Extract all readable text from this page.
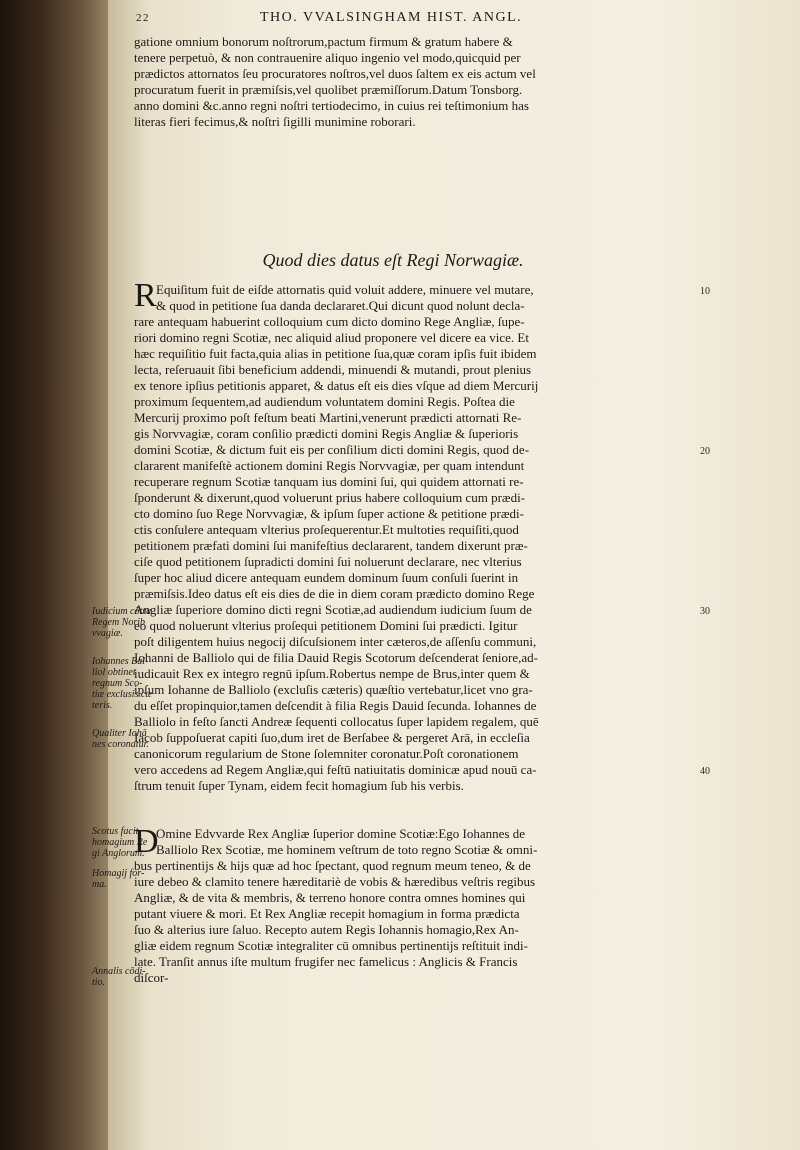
22	THO. VVALSINGHAM HIST. ANGL.
gatione omnium bonorum noſtrorum,pactum firmum & gratum habere &
tenere perpetuò, & non contrauenire aliquo ingenio vel modo,quicquid per
prædictos attornatos ſeu procuratores noſtros,vel duos ſaltem ex eis actum vel
procuratum fuerit in præmiſsis,vel quolibet præmiſſorum.Datum Tonsborg.
anno domini &c.anno regni noſtri tertiodecimo, in cuius rei teſtimonium has
literas fieri fecimus,& noſtri ſigilli munimine roborari.
Quod dies datus eſt Regi Norwagiæ.
R Equiſitum fuit de eiſde attornatis quid voluit addere, minuere vel mutare,
& quod in petitione ſua danda declararet.Qui dicunt quod nolunt decla-
rare antequam habuerint colloquium cum dicto domino Rege Angliæ, ſupe-
riori domino regni Scotiæ, nec aliquid aliud proponere vel dicere ea vice. Et
hæc requiſitio fuit facta,quia alias in petitione ſua,quæ coram ipſis fuit ibidem
lecta, reſeruauit ſibi beneficium addendi, minuendi & mutandi, prout plenius
ex tenore ipſius petitionis apparet, & datus eſt eis dies vſque ad diem Mercurij
proximum ſequentem,ad audiendum voluntatem domini Regis. Poſtea die
Mercurij proximo poſt feſtum beati Martini,venerunt prædicti attornati Re-
gis Norvvagiæ, coram conſilio prædicti domini Regis Angliæ & ſuperioris
domini Scotiæ, & dictum fuit eis per conſilium dicti domini Regis, quod de-
clararent manifeſtè actionem domini Regis Norvvagiæ, per quam intendunt
recuperare regnum Scotiæ tanquam ius domini ſui, qui quidem attornati re-
ſponderunt & dixerunt,quod voluerunt prius habere colloquium cum prædi-
cto domino ſuo Rege Norvvagiæ, & ipſum ſuper actione & petitione prædi-
ctis conſulere antequam vlterius proſequerentur.Et multoties requiſiti,quod
petitionem præfati domini ſui manifeſtius declararent, tandem dixerunt præ-
ciſe quod petitionem ſupradicti domini ſui noluerunt declarare, nec vlterius
ſuper hoc aliud dicere antequam eundem dominum ſuum conſuli ſuerint in
præmiſsis.Ideo datus eſt eis dies de die in diem coram prædicto domino Rege
Angliæ ſuperiore domino dicti regni Scotiæ,ad audiendum iudicium ſuum de
eo quod noluerunt vlterius proſequi petitionem Domini ſui prædicti. Igitur
poſt diligentem huius negocij diſcuſsionem inter cæteros,de aſſenſu communi,
Iohanni de Balliolo qui de filia Dauid Regis Scotorum deſcenderat ſeniore,ad-
iudicauit Rex ex integro regnū ipſum.Robertus nempe de Brus,inter quem &
ipſum Iohanne de Balliolo (excluſis cæteris) quæſtio vertebatur,licet vno gra-
du eſſet propinquior,tamen deſcendit à filia Regis Dauid ſecunda. Iohannes de
Balliolo in feſto ſancti Andreæ ſequenti collocatus ſuper lapidem regalem, quē
Iacob ſuppoſuerat capiti ſuo,dum iret de Berſabee & pergeret Arā, in eccleſia
canonicorum regularium de Stone ſolemniter coronatur.Poſt coronationem
vero accedens ad Regem Angliæ,qui feſtū natiuitatis dominicæ apud nouū ca-
ſtrum tenuit ſuper Tynam, eidem fecit homagium ſub his verbis.
D
Omine Edvvarde Rex Angliæ ſuperior domine Scotiæ:Ego Iohannes de
Balliolo Rex Scotiæ, me hominem veſtrum de toto regno Scotiæ & omni-
bus pertinentijs & hijs quæ ad hoc ſpectant, quod regnum meum teneo, & de
iure debeo & clamito tenere hæreditariè de vobis & hæredibus veſtris regibus
Angliæ, & de vita & membris, & terreno honore contra omnes homines qui
putant viuere & mori. Et Rex Angliæ recepit homagium in forma prædicta
ſuo & alterius iure ſaluo. Recepto autem Regis Iohannis homagio,Rex An-
gliæ eidem regnum Scotiæ integraliter cū omnibus pertinentijs reſtituit indi-
late. Tranſit annus iſte multum frugifer nec famelicus : Anglicis & Francis
diſcor-
10
20
30
40
Iudicium cōtra
Regem Norib
vvagiæ.
Iohannes Bal-
liol obtinet
regnum Sco-
tiæ exclusis cæ
teris.
Qualiter Iohā
nes coronatur.
Scotus facit
homagium Re
gi Anglorum.
Homagij for-
ma.
Annalis cōdi-
tio.
